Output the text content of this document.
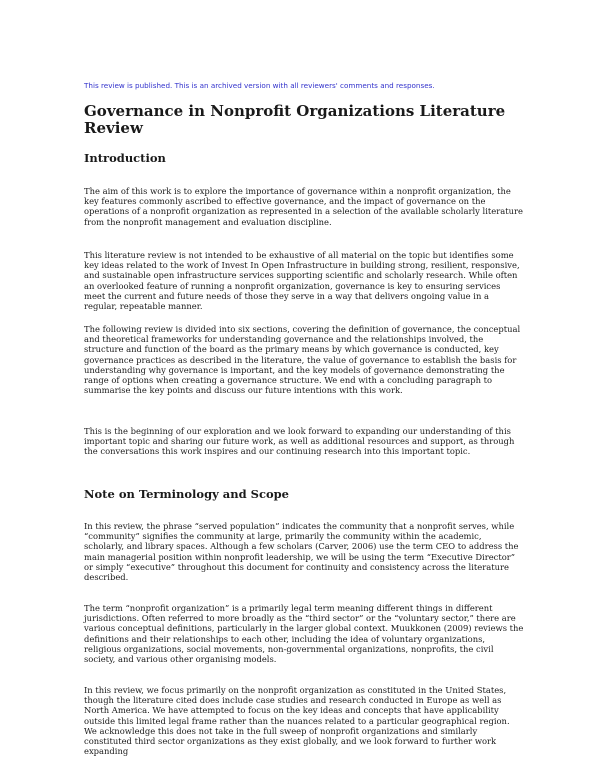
This review is published. This is an archived version with all reviewers' comments and responses.
Governance in Nonprofit Organizations Literature Review
Introduction

The aim of this work is to explore the importance of governance within a nonprofit organization, the key features commonly ascribed to effective governance, and the impact of governance on the operations of a nonprofit organization as represented in a selection of the available scholarly literature from the nonprofit management and evaluation discipline.

This literature review is not intended to be exhaustive of all material on the topic but identifies some key ideas related to the work of Invest In Open Infrastructure in building strong, resilient, responsive, and sustainable open infrastructure services supporting scientific and scholarly research. While often an overlooked feature of running a nonprofit organization, governance is key to ensuring services meet the current and future needs of those they serve in a way that delivers ongoing value in a regular, repeatable manner.

The following review is divided into six sections, covering the definition of governance, the conceptual and theoretical frameworks for understanding governance and the relationships involved, the structure and function of the board as the primary means by which governance is conducted, key governance practices as described in the literature, the value of governance to establish the basis for understanding why governance is important, and the key models of governance demonstrating the range of options when creating a governance structure. We end with a concluding paragraph to summarise the key points and discuss our future intentions with this work.

This is the beginning of our exploration and we look forward to expanding our understanding of this important topic and sharing our future work, as well as additional resources and support, as through the conversations this work inspires and our continuing research into this important topic.

Note on Terminology and Scope

In this review, the phrase “served population” indicates the community that a nonprofit serves, while “community” signifies the community at large, primarily the community within the academic, scholarly, and library spaces. Although a few scholars (Carver, 2006) use the term CEO to address the main managerial position within nonprofit leadership, we will be using the term “Executive Director” or simply “executive” throughout this document for continuity and consistency across the literature described.

The term “nonprofit organization” is a primarily legal term meaning different things in different jurisdictions. Often referred to more broadly as the “third sector” or the “voluntary sector,” there are various conceptual definitions, particularly in the larger global context. Muukkonen (2009) reviews the definitions and their relationships to each other, including the idea of voluntary organizations, religious organizations, social movements, non-governmental organizations, nonprofits, the civil society, and various other organising models.

In this review, we focus primarily on the nonprofit organization as constituted in the United States, though the literature cited does include case studies and research conducted in Europe as well as North America. We have attempted to focus on the key ideas and concepts that have applicability outside this limited legal frame rather than the nuances related to a particular geographical region. We acknowledge this does not take in the full sweep of nonprofit organizations and similarly constituted third sector organizations as they exist globally, and we look forward to further work expanding
